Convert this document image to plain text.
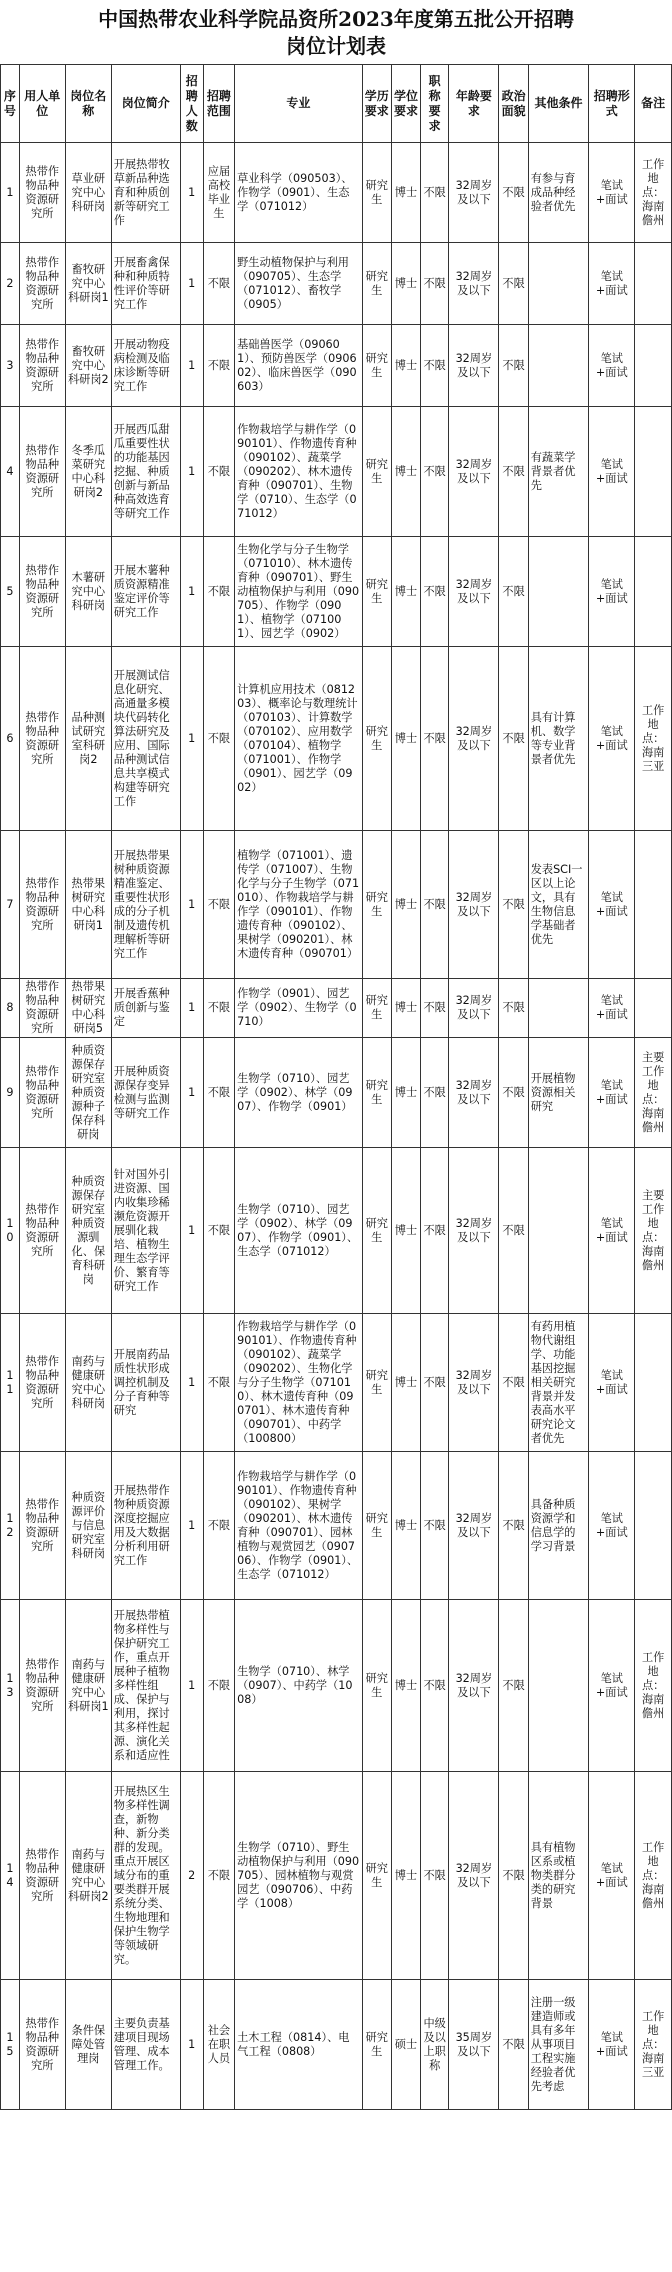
中国热带农业科学院品资所2023年度第五批公开招聘
岗位计划表
序号	用人单位	岗位名称	岗位简介	招聘人数	招聘范围	专业	学历要求	学位要求	职称要求	年龄要求	政治面貌	其他条件	招聘形式	备注
1	热带作物品种资源研究所	草业研究中心科研岗	开展热带牧草新品种选育和种质创新等研究工作	1	应届高校毕业生	草业科学（090503）、作物学（0901）、生态学（071012）	研究生	博士	不限	32周岁及以下	不限	有参与育成品种经验者优先	笔试+面试	工作地点：海南儋州
2	热带作物品种资源研究所	畜牧研究中心科研岗1	开展畜禽保种和种质特性评价等研究工作	1	不限	野生动植物保护与利用（090705）、生态学（071012）、畜牧学（0905）	研究生	博士	不限	32周岁及以下	不限		笔试+面试	
3	热带作物品种资源研究所	畜牧研究中心科研岗2	开展动物疫病检测及临床诊断等研究工作	1	不限	基础兽医学（090601）、预防兽医学（090602）、临床兽医学（090603）	研究生	博士	不限	32周岁及以下	不限		笔试+面试	
4	热带作物品种资源研究所	冬季瓜菜研究中心科研岗2	开展西瓜甜瓜重要性状的功能基因挖掘、种质创新与新品种高效选育等研究工作	1	不限	作物栽培学与耕作学（090101）、作物遗传育种（090102）、蔬菜学（090202）、林木遗传育种（090701）、生物学（0710）、生态学（071012）	研究生	博士	不限	32周岁及以下	不限	有蔬菜学背景者优先	笔试+面试	
5	热带作物品种资源研究所	木薯研究中心科研岗	开展木薯种质资源精准鉴定评价等研究工作	1	不限	生物化学与分子生物学（071010）、林木遗传育种（090701）、野生动植物保护与利用（090705）、作物学（0901）、植物学（071001）、园艺学（0902）	研究生	博士	不限	32周岁及以下	不限		笔试+面试	
6	热带作物品种资源研究所	品种测试研究室科研岗2	开展测试信息化研究、高通量多模块代码转化算法研究及应用、国际品种测试信息共享模式构建等研究工作	1	不限	计算机应用技术（081203）、概率论与数理统计（070103）、计算数学（070102）、应用数学（070104）、植物学（071001）、作物学（0901）、园艺学（0902）	研究生	博士	不限	32周岁及以下	不限	具有计算机、数学等专业背景者优先	笔试+面试	工作地点：海南三亚
7	热带作物品种资源研究所	热带果树研究中心科研岗1	开展热带果树种质资源精准鉴定、重要性状形成的分子机制及遗传机理解析等研究工作	1	不限	植物学（071001）、遗传学（071007）、生物化学与分子生物学（071010）、作物栽培学与耕作学（090101）、作物遗传育种（090102）、果树学（090201）、林木遗传育种（090701）	研究生	博士	不限	32周岁及以下	不限	发表SCI一区以上论文，具有生物信息学基础者优先	笔试+面试	
8	热带作物品种资源研究所	热带果树研究中心科研岗5	开展香蕉种质创新与鉴定	1	不限	作物学（0901）、园艺学（0902）、生物学（0710）	研究生	博士	不限	32周岁及以下	不限		笔试+面试	
9	热带作物品种资源研究所	种质资源保存研究室种质资源种子保存科研岗	开展种质资源保存变异检测与监测等研究工作	1	不限	生物学（0710）、园艺学（0902）、林学（0907）、作物学（0901）	研究生	博士	不限	32周岁及以下	不限	开展植物资源相关研究	笔试+面试	主要工作地点：海南儋州
10	热带作物品种资源研究所	种质资源保存研究室种质资源驯化、保育科研岗	针对国外引进资源、国内收集珍稀濒危资源开展驯化栽培、植物生理生态学评价、繁育等研究工作	1	不限	生物学（0710）、园艺学（0902）、林学（0907）、作物学（0901）、生态学（071012）	研究生	博士	不限	32周岁及以下	不限		笔试+面试	主要工作地点：海南儋州
11	热带作物品种资源研究所	南药与健康研究中心科研岗	开展南药品质性状形成调控机制及分子育种等研究	1	不限	作物栽培学与耕作学（090101）、作物遗传育种（090102）、蔬菜学（090202）、生物化学与分子生物学（071010）、林木遗传育种（090701）、林木遗传育种（090701）、中药学（100800）	研究生	博士	不限	32周岁及以下	不限	有药用植物代谢组学、功能基因挖掘相关研究背景并发表高水平研究论文者优先	笔试+面试	
12	热带作物品种资源研究所	种质资源评价与信息研究室科研岗	开展热带作物种质资源深度挖掘应用及大数据分析利用研究工作	1	不限	作物栽培学与耕作学（090101）、作物遗传育种（090102）、果树学（090201）、林木遗传育种（090701）、园林植物与观赏园艺（090706）、作物学（0901）、生态学（071012）	研究生	博士	不限	32周岁及以下	不限	具备种质资源学和信息学的学习背景	笔试+面试	
13	热带作物品种资源研究所	南药与健康研究中心科研岗1	开展热带植物多样性与保护研究工作，重点开展种子植物多样性组成、保护与利用，探讨其多样性起源、演化关系和适应性	1	不限	生物学（0710）、林学（0907）、中药学（1008）	研究生	博士	不限	32周岁及以下	不限		笔试+面试	工作地点：海南儋州
14	热带作物品种资源研究所	南药与健康研究中心科研岗2	开展热区生物多样性调查，新物种、新分类群的发现。重点开展区域分布的重要类群开展系统分类、生物地理和保护生物学等领域研究。	2	不限	生物学（0710）、野生动植物保护与利用（090705）、园林植物与观赏园艺（090706）、中药学（1008）	研究生	博士	不限	32周岁及以下	不限	具有植物区系或植物类群分类的研究背景	笔试+面试	工作地点：海南儋州
15	热带作物品种资源研究所	条件保障处管理岗	主要负责基建项目现场管理、成本管理工作。	1	社会在职人员	土木工程（0814）、电气工程（0808）	研究生	硕士	中级及以上职称	35周岁及以下	不限	注册一级建造师或具有多年从事项目工程实施经验者优先考虑	笔试+面试	工作地点：海南三亚
